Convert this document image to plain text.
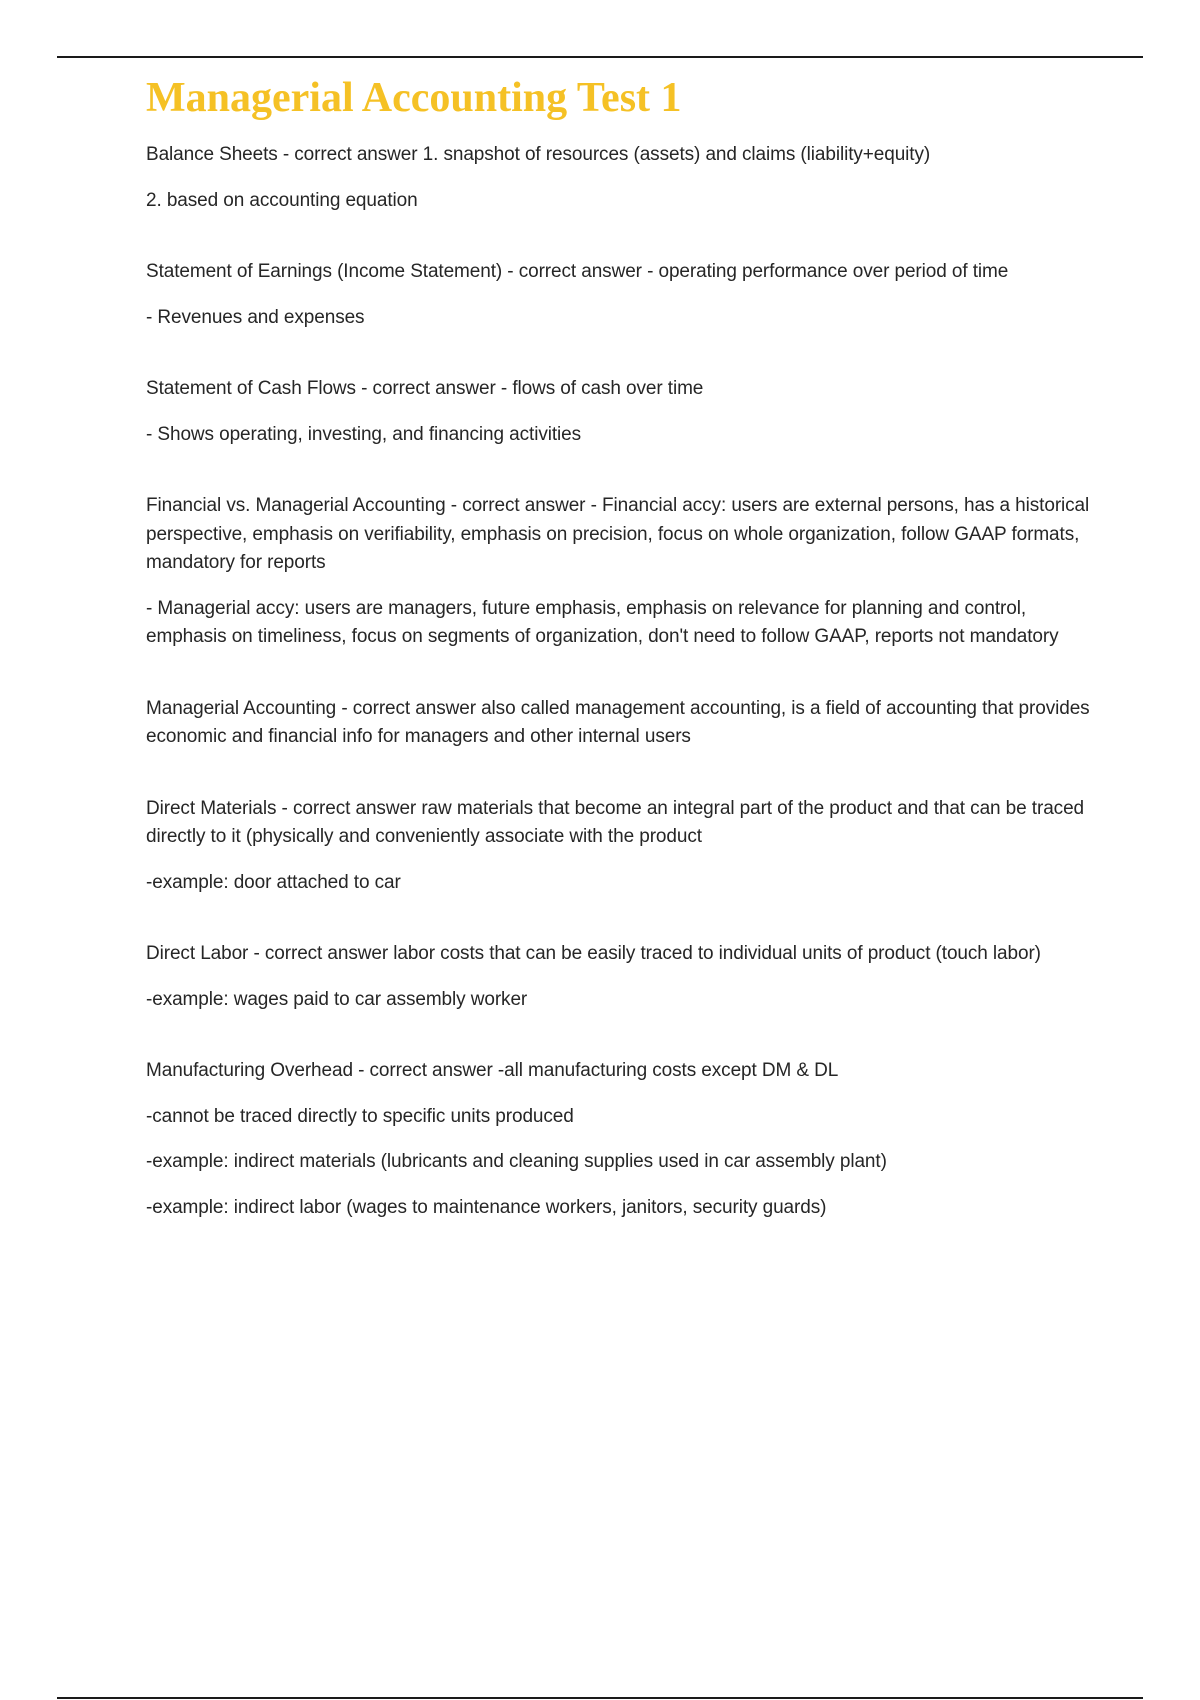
Managerial Accounting Test 1

Balance Sheets - correct answer 1. snapshot of resources (assets) and claims (liability+equity)

2. based on accounting equation

Statement of Earnings (Income Statement) - correct answer - operating performance over period of time

- Revenues and expenses

Statement of Cash Flows - correct answer - flows of cash over time

- Shows operating, investing, and financing activities

Financial vs. Managerial Accounting - correct answer - Financial accy: users are external persons, has a historical perspective, emphasis on verifiability, emphasis on precision, focus on whole organization, follow GAAP formats, mandatory for reports

- Managerial accy: users are managers, future emphasis, emphasis on relevance for planning and control, emphasis on timeliness, focus on segments of organization, don't need to follow GAAP, reports not mandatory

Managerial Accounting - correct answer also called management accounting, is a field of accounting that provides economic and financial info for managers and other internal users

Direct Materials - correct answer raw materials that become an integral part of the product and that can be traced directly to it (physically and conveniently associate with the product

-example: door attached to car

Direct Labor - correct answer labor costs that can be easily traced to individual units of product (touch labor)

-example: wages paid to car assembly worker

Manufacturing Overhead - correct answer -all manufacturing costs except DM & DL

-cannot be traced directly to specific units produced

-example: indirect materials (lubricants and cleaning supplies used in car assembly plant)

-example: indirect labor (wages to maintenance workers, janitors, security guards)
